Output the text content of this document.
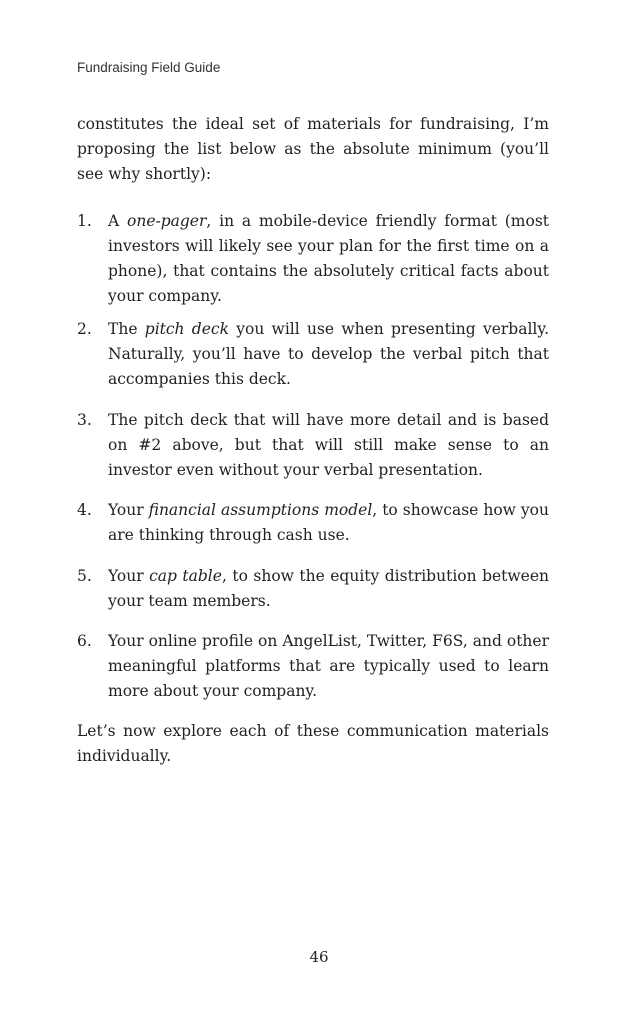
Fundraising Field Guide

constitutes the ideal set of materials for fundraising, I’m proposing the list below as the absolute minimum (you’ll see why shortly):

1.	A one-pager, in a mobile-device friendly format (most investors will likely see your plan for the first time on a phone), that contains the absolutely critical facts about your company.
2.	The pitch deck you will use when presenting verbally. Naturally, you’ll have to develop the verbal pitch that accompanies this deck.
3.	The pitch deck that will have more detail and is based on #2 above, but that will still make sense to an investor even without your verbal presentation.
4.	Your financial assumptions model, to showcase how you are thinking through cash use.
5.	Your cap table, to show the equity distribution between your team members.
6.	Your online profile on AngelList, Twitter, F6S, and other meaningful platforms that are typically used to learn more about your company.

Let’s now explore each of these communication materials individually.

46
